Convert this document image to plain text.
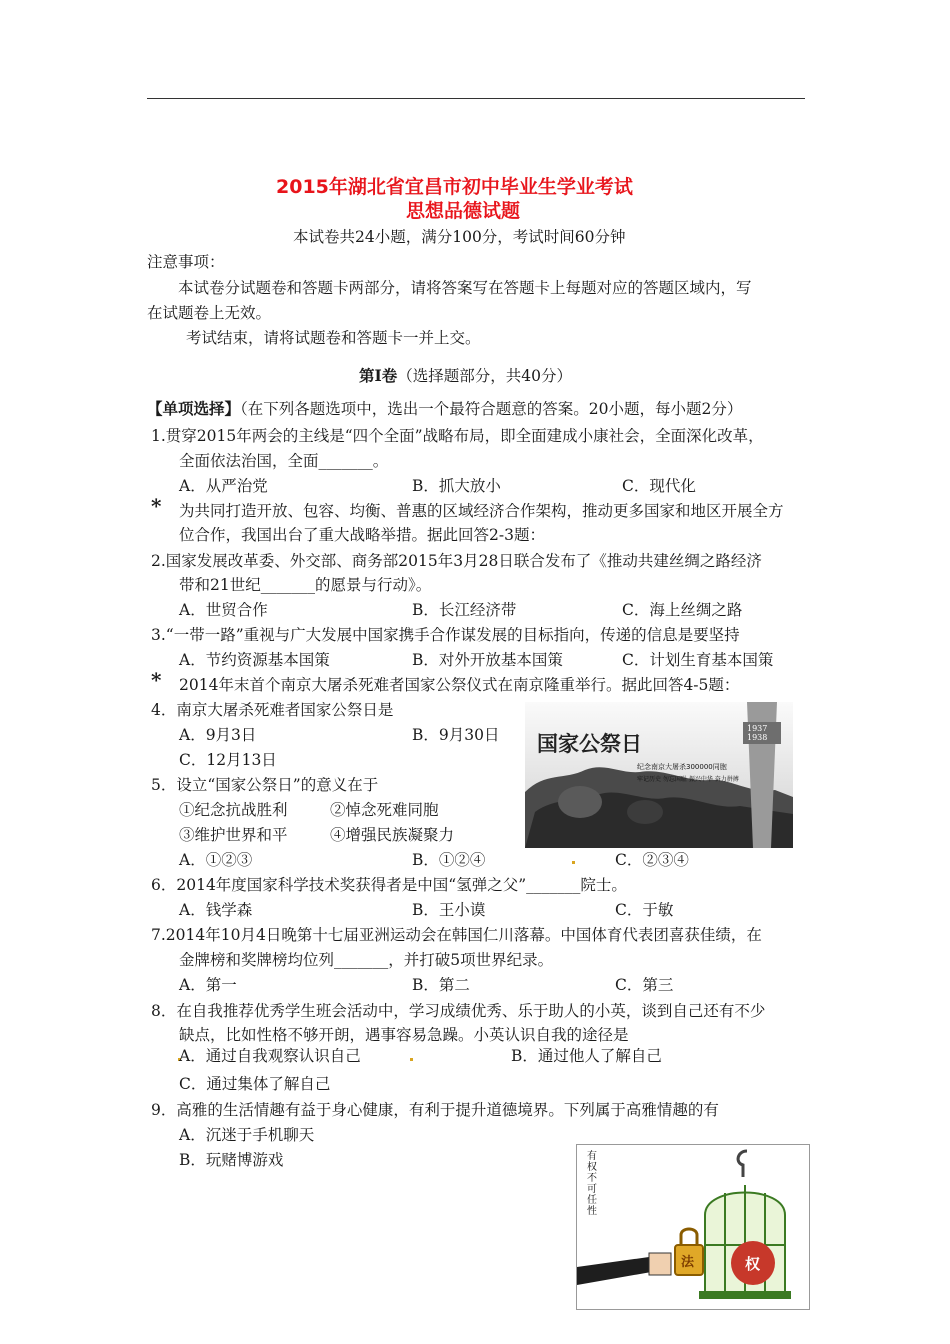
2015年湖北省宜昌市初中毕业生学业考试
思想品德试题
本试卷共24小题，满分100分，考试时间60分钟
注意事项：
本试卷分试题卷和答题卡两部分，请将答案写在答题卡上每题对应的答题区域内，写
在试题卷上无效。
考试结束，请将试题卷和答题卡一并上交。
第Ⅰ卷（选择题部分，共40分）
【单项选择】（在下列各题选项中，选出一个最符合题意的答案。20小题，每小题2分）
1.贯穿2015年两会的主线是“四个全面”战略布局，即全面建成小康社会，全面深化改革，
全面依法治国，全面_______。
A．从严治党	B．抓大放小	C．现代化
* 为共同打造开放、包容、均衡、普惠的区域经济合作架构，推动更多国家和地区开展全方
位合作，我国出台了重大战略举措。据此回答2-3题：
2.国家发展改革委、外交部、商务部2015年3月28日联合发布了《推动共建丝绸之路经济
带和21世纪_______的愿景与行动》。
A．世贸合作	B．长江经济带	C．海上丝绸之路
3.“一带一路”重视与广大发展中国家携手合作谋发展的目标指向，传递的信息是要坚持
A．节约资源基本国策	B．对外开放基本国策	C．计划生育基本国策
* 2014年末首个南京大屠杀死难者国家公祭仪式在南京隆重举行。据此回答4-5题：
4．南京大屠杀死难者国家公祭日是
A．9月3日	B．9月30日
C．12月13日
5．设立“国家公祭日”的意义在于
①纪念抗战胜利	②悼念死难同胞
③维护世界和平	④增强民族凝聚力
A．①②③	B．①②④	C．②③④
国家公祭日
1937
1938
纪念南京大屠杀300000同胞
牢记历史 勿忘国耻 振兴中华 奋力拼搏
6．2014年度国家科学技术奖获得者是中国“氢弹之父”_______院士。
A．钱学森	B．王小谟	C．于敏
7.2014年10月4日晚第十七届亚洲运动会在韩国仁川落幕。中国体育代表团喜获佳绩，在
金牌榜和奖牌榜均位列_______，并打破5项世界纪录。
A．第一	B．第二	C．第三
8．在自我推荐优秀学生班会活动中，学习成绩优秀、乐于助人的小英，谈到自己还有不少
缺点，比如性格不够开朗，遇事容易急躁。小英认识自我的途径是
A．通过自我观察认识自己	B．通过他人了解自己
C．通过集体了解自己
9．高雅的生活情趣有益于身心健康，有利于提升道德境界。下列属于高雅情趣的有
A．沉迷于手机聊天
B．玩赌博游戏	有权不可任性
法	权
